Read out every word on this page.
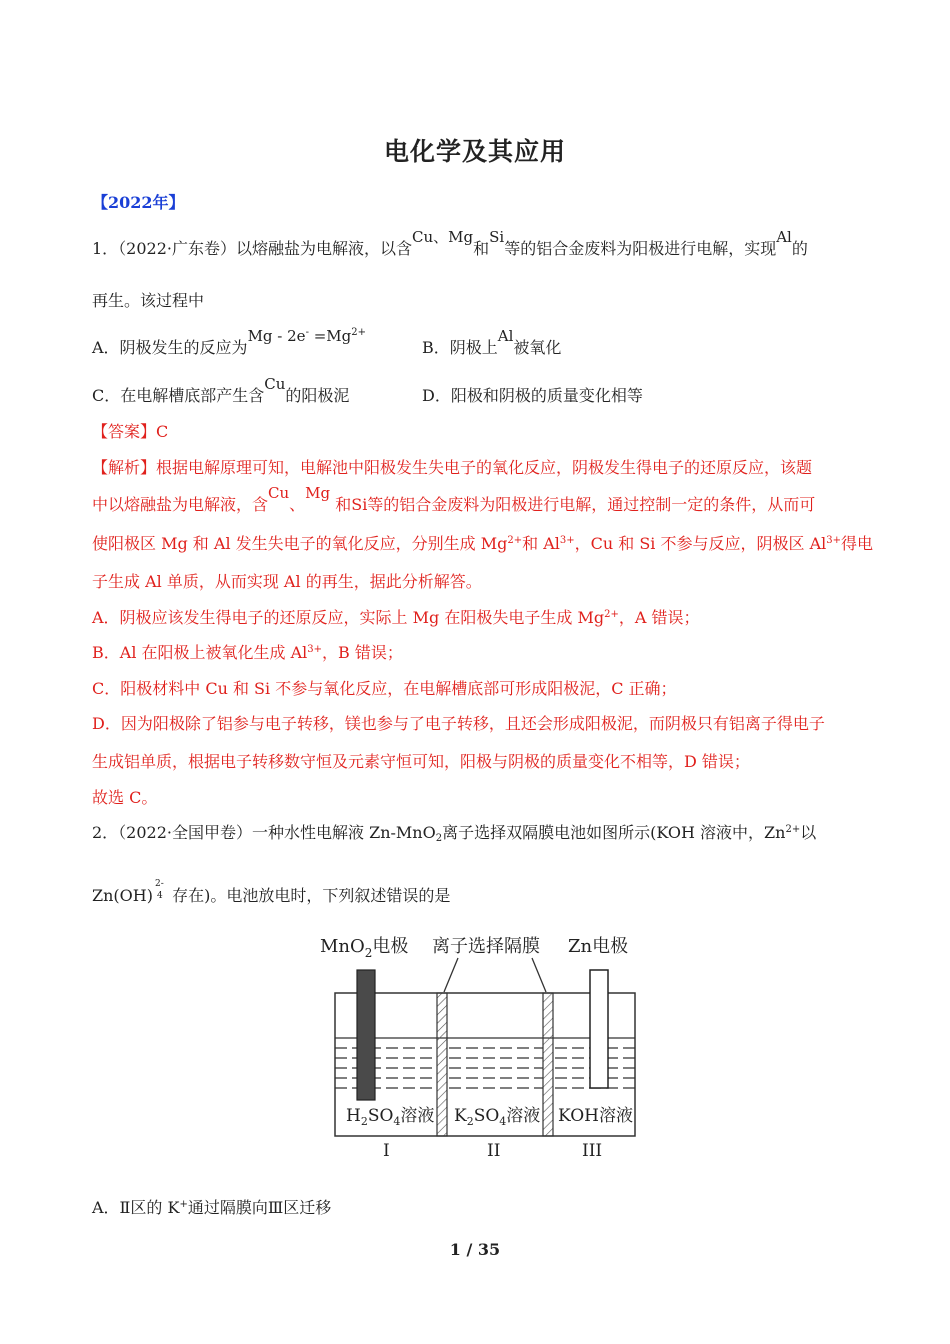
电化学及其应用
【2022年】
1．（2022·广东卷）以熔融盐为电解液，以含Cu、Mg和Si等的铝合金废料为阳极进行电解，实现Al的
再生。该过程中
A．阴极发生的反应为$Mg - 2e^- =Mg^{2+}$
B．阴极上Al被氧化
C．在电解槽底部产生含Cu的阳极泥	D．阳极和阴极的质量变化相等
【答案】C
【解析】根据电解原理可知，电解池中阳极发生失电子的氧化反应，阴极发生得电子的还原反应，该题
中以熔融盐为电解液，含Cu、Mg 和Si等的铝合金废料为阳极进行电解，通过控制一定的条件，从而可
使阳极区 Mg 和 Al 发生失电子的氧化反应，分别生成 $Mg^{2+}$和 $Al^{3+}$，Cu 和 Si 不参与反应，阴极区 $Al^{3+}$得电
子生成 Al 单质，从而实现 Al 的再生，据此分析解答。
A．阴极应该发生得电子的还原反应，实际上 Mg 在阳极失电子生成 $Mg^{2+}$，A 错误；
B．Al 在阳极上被氧化生成 $Al^{3+}$，B 错误；
C．阳极材料中 Cu 和 Si 不参与氧化反应，在电解槽底部可形成阳极泥，C 正确；
D．因为阳极除了铝参与电子转移，镁也参与了电子转移，且还会形成阳极泥，而阴极只有铝离子得电子
生成铝单质，根据电子转移数守恒及元素守恒可知，阳极与阴极的质量变化不相等，D 错误；
故选 C。
2．（2022·全国甲卷）一种水性电解液 Zn-MnO$_2$离子选择双隔膜电池如图所示(KOH 溶液中，$Zn^{2+}$以
Zn(OH)
2-
4 存在)。电池放电时，下列叙述错误的是
MnO$_2$电极 离子选择隔膜 Zn电极
$H_2SO_4$溶液 $K_2SO_4$溶液 KOH溶液
I	II	III
A．Ⅱ区的 K+通过隔膜向Ⅲ区迁移
1 / 35
